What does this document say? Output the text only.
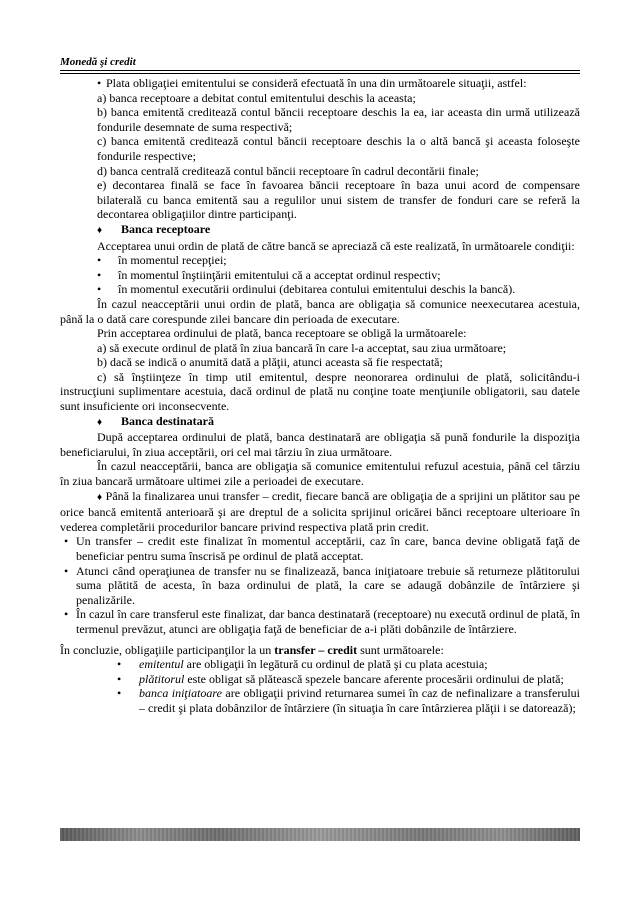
Monedă şi credit
• Plata obligaţiei emitentului se consideră efectuată în una din următoarele situaţii, astfel:

a) banca receptoare a debitat contul emitentului deschis la aceasta;

b) banca emitentă creditează contul băncii receptoare deschis la ea, iar aceasta din urmă utilizează fondurile desemnate de suma respectivă;

c) banca emitentă creditează contul băncii receptoare deschis la o altă bancă şi aceasta foloseşte fondurile respective;

d) banca centrală creditează contul băncii receptoare în cadrul decontării finale;

e) decontarea finală se face în favoarea băncii receptoare în baza unui acord de compensare bilaterală cu banca emitentă sau a regulilor unui sistem de transfer de fonduri care se referă la decontarea obligaţiilor dintre participanţi.

♦ Banca receptoare

Acceptarea unui ordin de plată de către bancă se apreciază că este realizată, în următoarele condiţii:

•	în momentul recepţiei;
•	în momentul înştiinţării emitentului că a acceptat ordinul respectiv;
•	în momentul executării ordinului (debitarea contului emitentului deschis la bancă).

În cazul neacceptării unui ordin de plată, banca are obligaţia să comunice neexecutarea acestuia, până la o dată care corespunde zilei bancare din perioada de executare.

Prin acceptarea ordinului de plată, banca receptoare se obligă la următoarele:

a) să execute ordinul de plată în ziua bancară în care l-a acceptat, sau ziua următoare;

b) dacă se indică o anumită dată a plăţii, atunci aceasta să fie respectată;

c) să înştiinţeze în timp util emitentul, despre neonorarea ordinului de plată, solicitându-i instrucţiuni suplimentare acestuia, dacă ordinul de plată nu conţine toate menţiunile obligatorii, sau datele sunt insuficiente ori inconsecvente.

♦ Banca destinatară

După acceptarea ordinului de plată, banca destinatară are obligaţia să pună fondurile la dispoziţia beneficiarului, în ziua acceptării, ori cel mai târziu în ziua următoare.

În cazul neacceptării, banca are obligaţia să comunice emitentului refuzul acestuia, până cel târziu în ziua bancară următoare ultimei zile a perioadei de executare.

♦ Până la finalizarea unui transfer – credit, fiecare bancă are obligaţia de a sprijini un plătitor sau pe orice bancă emitentă anterioară şi are dreptul de a solicita sprijinul oricărei bănci receptoare ulterioare în vederea completării procedurilor bancare privind respectiva plată prin credit.

• Un transfer – credit este finalizat în momentul acceptării, caz în care, banca devine obligată faţă de beneficiar pentru suma înscrisă pe ordinul de plată acceptat.
• Atunci când operaţiunea de transfer nu se finalizează, banca iniţiatoare trebuie să returneze plătitorului suma plătită de acesta, în baza ordinului de plată, la care se adaugă dobânzile de întârziere şi penalizările.
• În cazul în care transferul este finalizat, dar banca destinatară (receptoare) nu execută ordinul de plată, în termenul prevăzut, atunci are obligaţia faţă de beneficiar de a-i plăti dobânzile de întârziere.

În concluzie, obligaţiile participanţilor la un transfer – credit sunt următoarele:

•	emitentul are obligaţii în legătură cu ordinul de plată şi cu plata acestuia;
•	plătitorul este obligat să plătească spezele bancare aferente procesării ordinului de plată;
•	banca iniţiatoare are obligaţii privind returnarea sumei în caz de nefinalizare a transferului – credit şi plata dobânzilor de întârziere (în situaţia în care întârzierea plăţii i se datorează);
